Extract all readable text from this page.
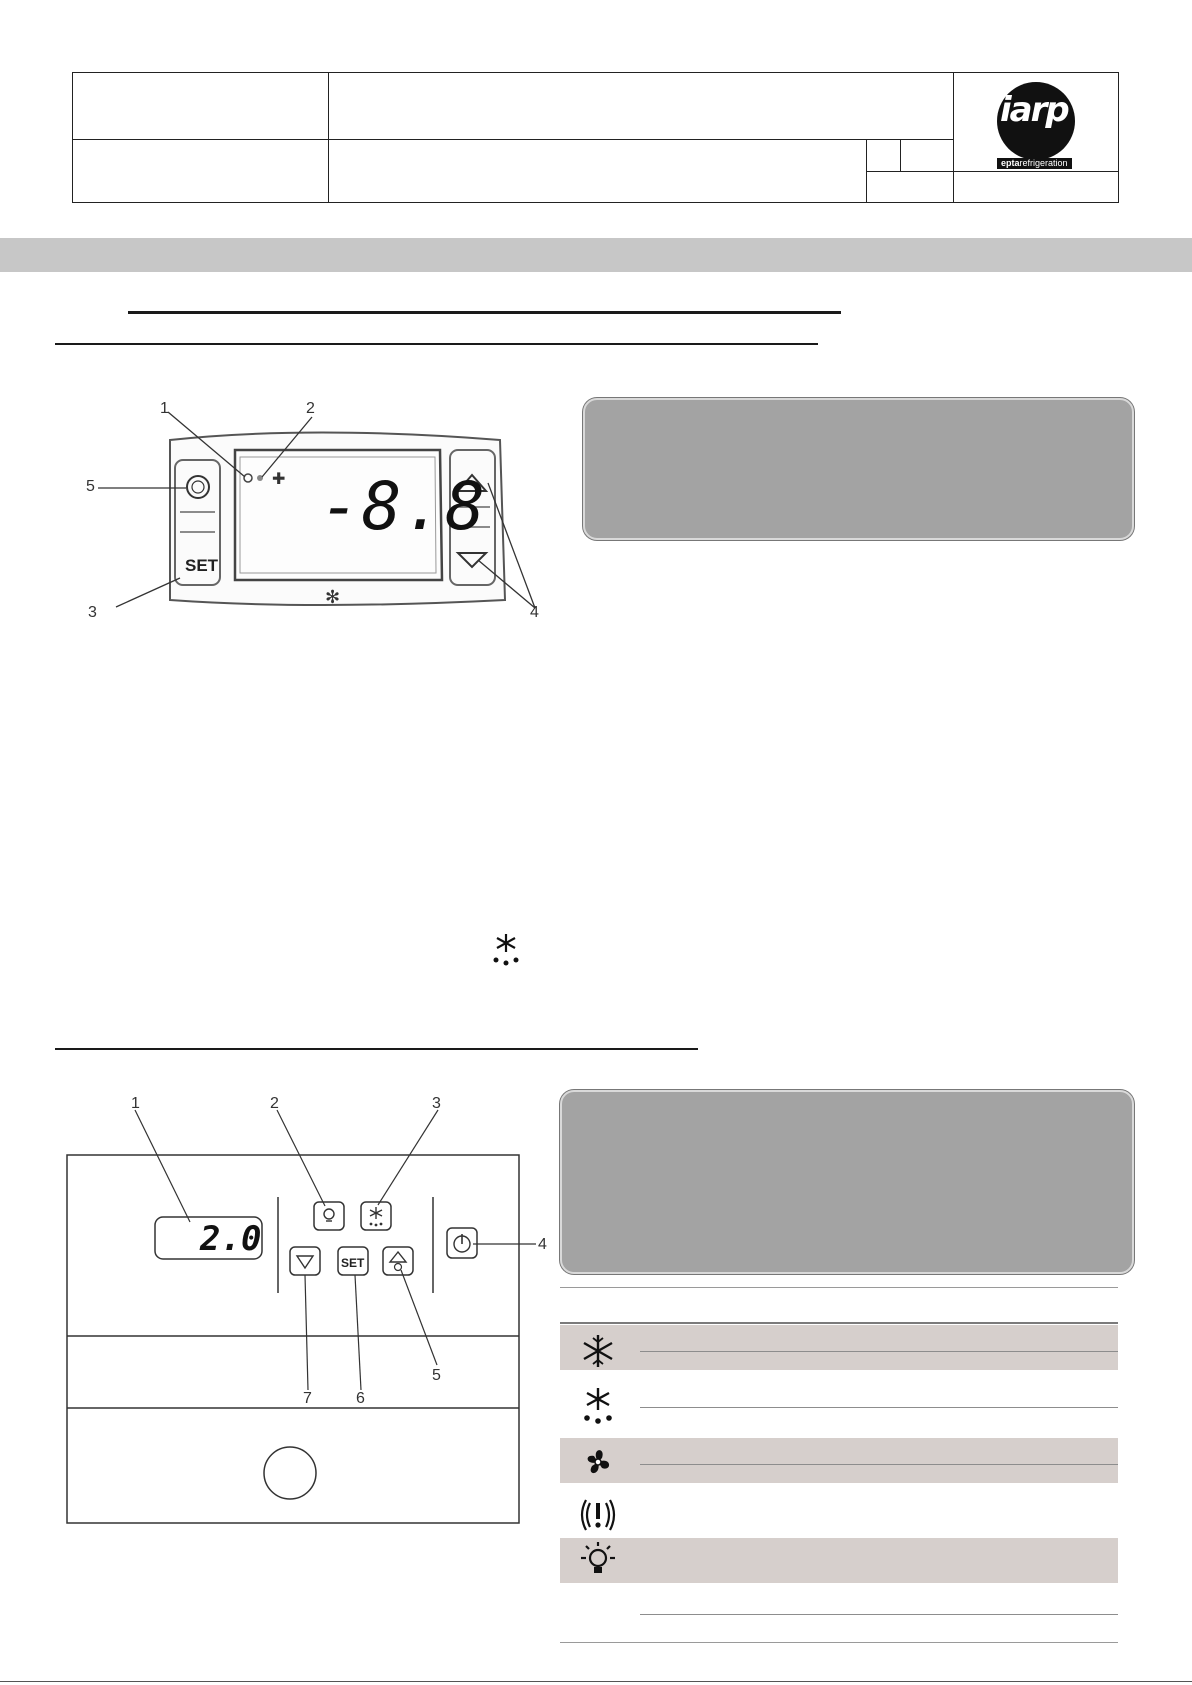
iarp
eptarefrigeration
✚
✻
-8.8
SET
1	2
3	4
5
2.0
SET
1	2	3
4
5
6
7
